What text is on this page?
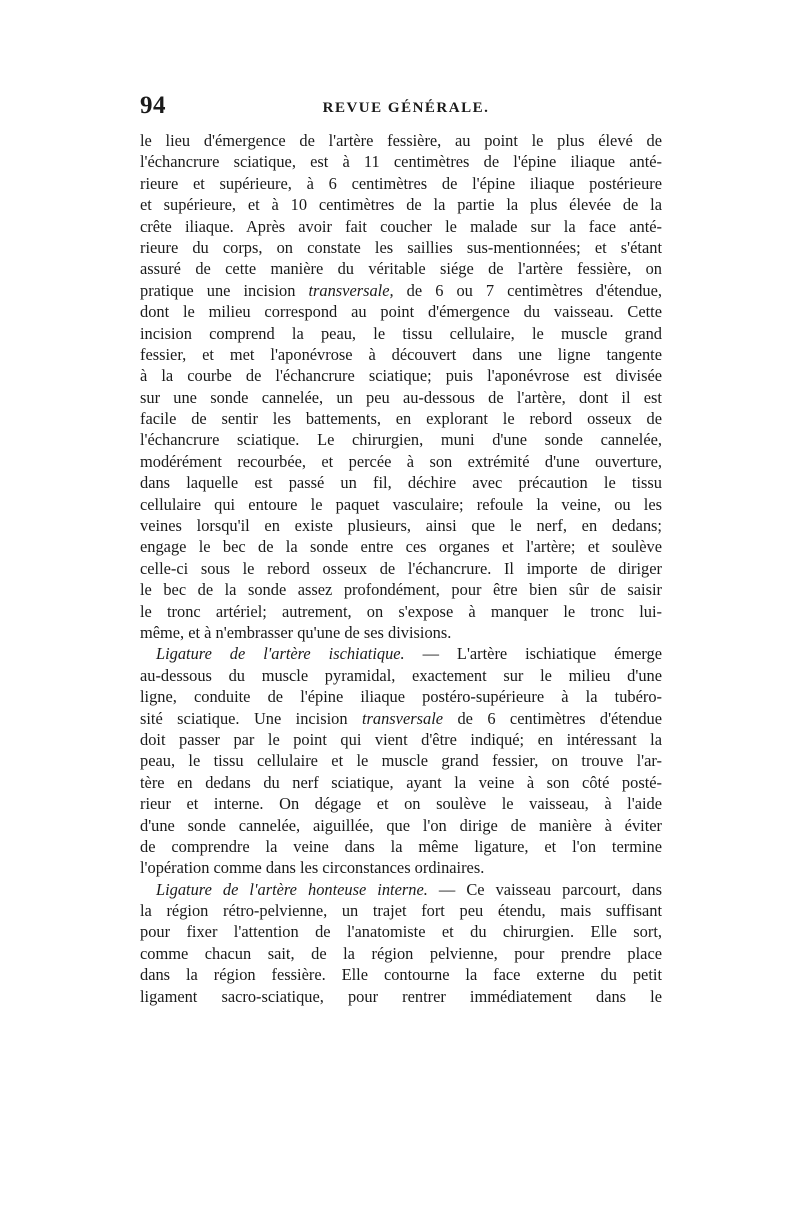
94	REVUE GÉNÉRALE.
le lieu d'émergence de l'artère fessière, au point le plus élevé de
l'échancrure sciatique, est à 11 centimètres de l'épine iliaque anté-
rieure et supérieure, à 6 centimètres de l'épine iliaque postérieure
et supérieure, et à 10 centimètres de la partie la plus élevée de la
crête iliaque. Après avoir fait coucher le malade sur la face anté-
rieure du corps, on constate les saillies sus-mentionnées; et s'étant
assuré de cette manière du véritable siége de l'artère fessière, on
pratique une incision transversale, de 6 ou 7 centimètres d'étendue,
dont le milieu correspond au point d'émergence du vaisseau. Cette
incision comprend la peau, le tissu cellulaire, le muscle grand
fessier, et met l'aponévrose à découvert dans une ligne tangente
à la courbe de l'échancrure sciatique; puis l'aponévrose est divisée
sur une sonde cannelée, un peu au-dessous de l'artère, dont il est
facile de sentir les battements, en explorant le rebord osseux de
l'échancrure sciatique. Le chirurgien, muni d'une sonde cannelée,
modérément recourbée, et percée à son extrémité d'une ouverture,
dans laquelle est passé un fil, déchire avec précaution le tissu
cellulaire qui entoure le paquet vasculaire; refoule la veine, ou les
veines lorsqu'il en existe plusieurs, ainsi que le nerf, en dedans;
engage le bec de la sonde entre ces organes et l'artère; et soulève
celle-ci sous le rebord osseux de l'échancrure. Il importe de diriger
le bec de la sonde assez profondément, pour être bien sûr de saisir
le tronc artériel; autrement, on s'expose à manquer le tronc lui-
même, et à n'embrasser qu'une de ses divisions.
Ligature de l'artère ischiatique. — L'artère ischiatique émerge
au-dessous du muscle pyramidal, exactement sur le milieu d'une
ligne, conduite de l'épine iliaque postéro-supérieure à la tubéro-
sité sciatique. Une incision transversale de 6 centimètres d'étendue
doit passer par le point qui vient d'être indiqué; en intéressant la
peau, le tissu cellulaire et le muscle grand fessier, on trouve l'ar-
tère en dedans du nerf sciatique, ayant la veine à son côté posté-
rieur et interne. On dégage et on soulève le vaisseau, à l'aide
d'une sonde cannelée, aiguillée, que l'on dirige de manière à éviter
de comprendre la veine dans la même ligature, et l'on termine
l'opération comme dans les circonstances ordinaires.
Ligature de l'artère honteuse interne. — Ce vaisseau parcourt, dans
la région rétro-pelvienne, un trajet fort peu étendu, mais suffisant
pour fixer l'attention de l'anatomiste et du chirurgien. Elle sort,
comme chacun sait, de la région pelvienne, pour prendre place
dans la région fessière. Elle contourne la face externe du petit
ligament sacro-sciatique, pour rentrer immédiatement dans le
